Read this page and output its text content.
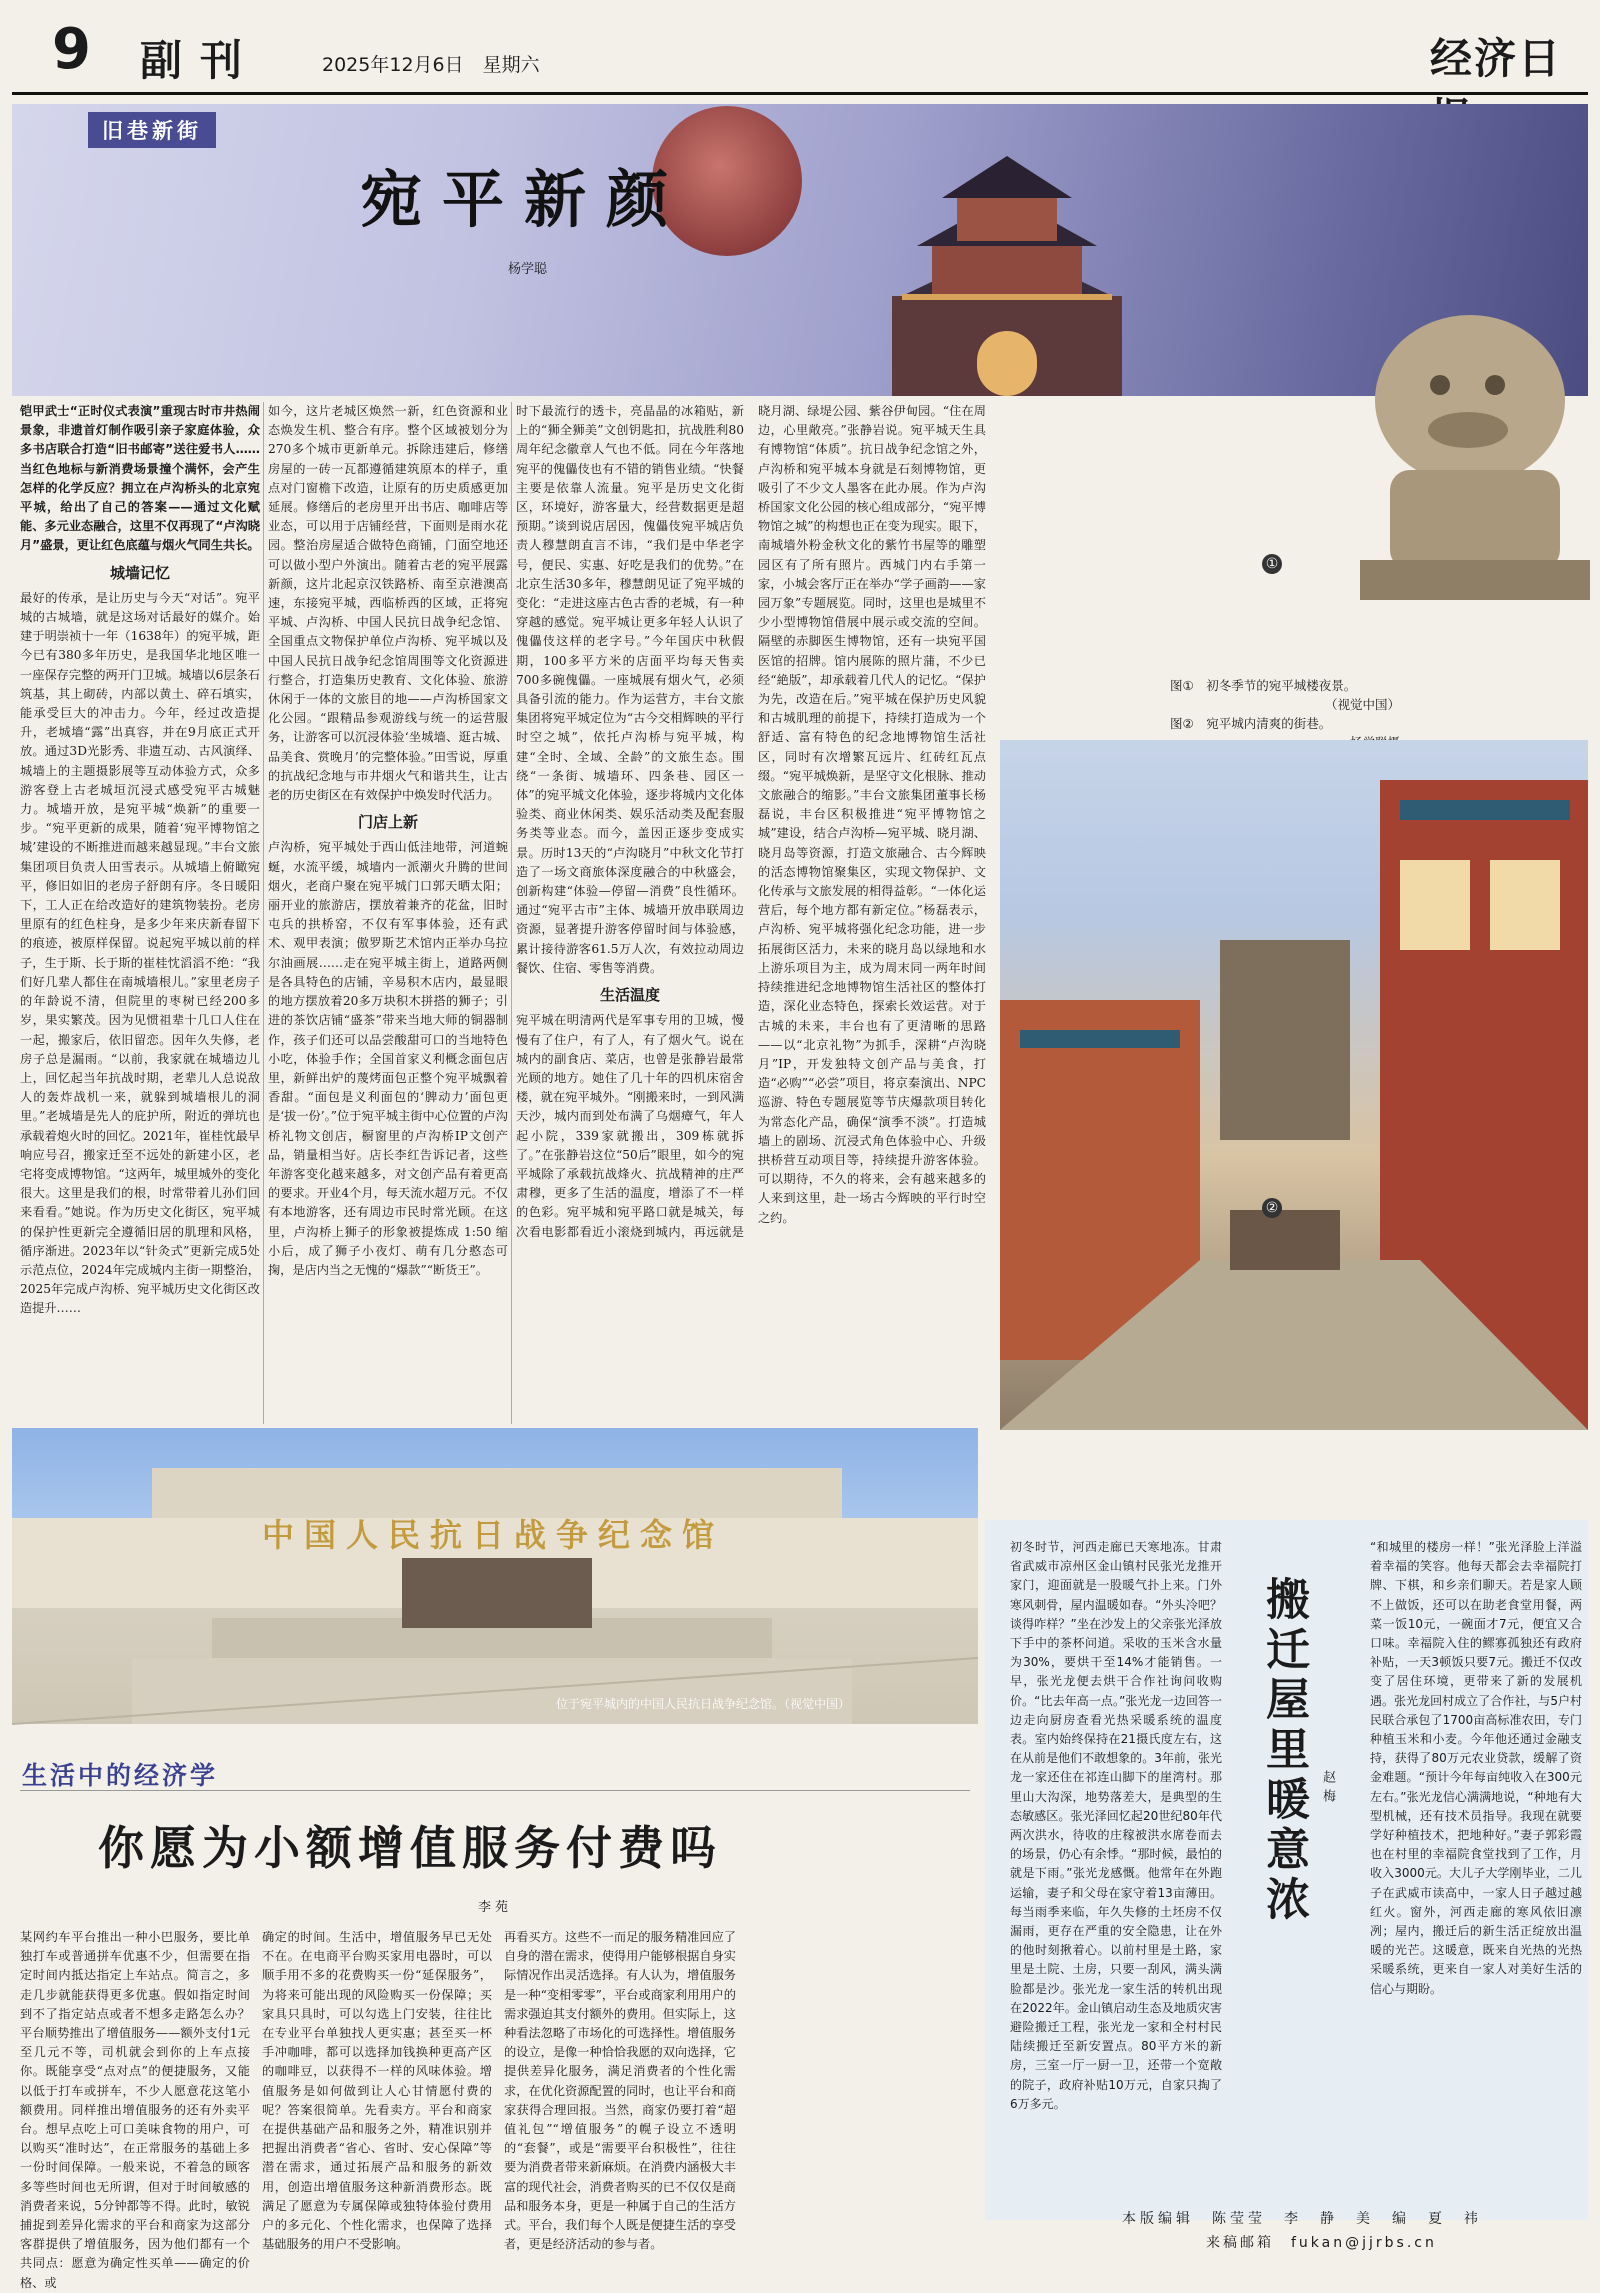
9 副刊	2025年12月6日　星期六	经济日
旧巷新街
宛平新颜
杨学聪
①
铠甲武士“正时仪式表演”重现古时市井热闹景象，非遗首灯制作吸引亲子家庭体验，众多书店联合打造“旧书邮寄”送往爱书人……当红色地标与新消费场景撞个满怀，会产生怎样的化学反应？拥立在卢沟桥头的北京宛平城，给出了自己的答案——通过文化赋能、多元业态融合，这里不仅再现了“卢沟晓月”盛景，更让红色底蕴与烟火气同生共长。
城墙记忆
最好的传承，是让历史与今天“对话”。宛平城的古城墙，就是这场对话最好的媒介。始建于明崇祯十一年（1638年）的宛平城，距今已有380多年历史，是我国华北地区唯一一座保存完整的两开门卫城。城墙以6层条石筑基，其上砌砖，内部以黄土、碎石填实，能承受巨大的冲击力。今年，经过改造提升，老城墙“露”出真容，并在9月底正式开放。通过3D光影秀、非遗互动、古风演绎、城墙上的主题摄影展等互动体验方式，众多游客登上古老城垣沉浸式感受宛平古城魅力。城墙开放，是宛平城“焕新”的重要一步。“宛平更新的成果，随着‘宛平博物馆之城’建设的不断推进而越来越显现。”丰台文旅集团项目负责人田雪表示。从城墙上俯瞰宛平，修旧如旧的老房子舒朗有序。冬日暖阳下，工人正在给改造好的建筑物装扮。老房里原有的红色柱身，是多少年来庆新春留下的痕迹，被原样保留。说起宛平城以前的样子，生于斯、长于斯的崔桂忱滔滔不绝：“我们好几辈人都住在南城墙根儿。”家里老房子的年龄说不清，但院里的枣树已经200多岁，果实繁茂。因为见惯祖辈十几口人住在一起，搬家后，依旧留恋。因年久失修，老房子总是漏雨。“以前，我家就在城墙边儿上，回忆起当年抗战时期，老辈儿人总说敌人的轰炸战机一来，就躲到城墙根儿的洞里。”老城墙是先人的庇护所，附近的弹坑也承载着炮火时的回忆。2021年，崔桂忱最早响应号召，搬家迁至不远处的新建小区，老宅将变成博物馆。“这两年，城里城外的变化很大。这里是我们的根，时常带着儿孙们回来看看。”她说。作为历史文化街区，宛平城的保护性更新完全遵循旧居的肌理和风格，循序渐进。2023年以“针灸式”更新完成5处示范点位，2024年完成城内主街一期整治，2025年完成卢沟桥、宛平城历史文化街区改造提升……
如今，这片老城区焕然一新，红色资源和业态焕发生机、整合有序。整个区域被划分为270多个城市更新单元。拆除违建后，修缮房屋的一砖一瓦都遵循建筑原本的样子，重点对门窗檐下改造，让原有的历史质感更加延展。修缮后的老房里开出书店、咖啡店等业态，可以用于店铺经营，下面则是雨水花园。整治房屋适合做特色商铺，门面空地还可以做小型户外演出。随着古老的宛平展露新颜，这片北起京汉铁路桥、南至京港澳高速，东接宛平城，西临桥西的区域，正将宛平城、卢沟桥、中国人民抗日战争纪念馆、全国重点文物保护单位卢沟桥、宛平城以及中国人民抗日战争纪念馆周围等文化资源进行整合，打造集历史教育、文化体验、旅游休闲于一体的文旅目的地——卢沟桥国家文化公园。“跟精品参观游线与统一的运营服务，让游客可以沉浸体验‘坐城墙、逛古城、品美食、赏晚月’的完整体验。”田雪说，厚重的抗战纪念地与市井烟火气和谐共生，让古老的历史街区在有效保护中焕发时代活力。
门店上新
卢沟桥，宛平城处于西山低洼地带，河道蜿蜒，水流平缓，城墙内一派潮火升腾的世间烟火，老商户聚在宛平城门口郭天晒太阳；丽开业的旅游店，摆放着兼齐的花盆，旧时屯兵的拱桥窑，不仅有军事体验，还有武术、观甲表演；傲罗斯艺术馆内正举办乌拉尔油画展……走在宛平城主街上，道路两侧是各具特色的店铺，辛易积木店内，最显眼的地方摆放着20多万块积木拼搭的狮子；引进的茶饮店铺“盛茶”带来当地大师的铜器制作，孩子们还可以品尝酸甜可口的当地特色小吃，体验手作；全国首家义利概念面包店里，新鲜出炉的蔑烤面包正整个宛平城飘着香甜。“面包是义利面包的‘脾动力’面包更是‘拔一份’。”位于宛平城主街中心位置的卢沟桥礼物文创店，橱窗里的卢沟桥IP文创产品，销量相当好。店长李红告诉记者，这些年游客变化越来越多，对文创产品有着更高的要求。开业4个月，每天流水超万元。不仅有本地游客，还有周边市民时常光顾。在这里，卢沟桥上狮子的形象被提炼成 1:50 缩小后，成了狮子小夜灯、萌有几分憨态可掬，是店内当之无愧的“爆款”“断货王”。
时下最流行的透卡，亮晶晶的冰箱贴，新上的“狮全狮美”文创钥匙扣，抗战胜利80周年纪念徽章人气也不低。同在今年落地宛平的傀儡伎也有不错的销售业绩。“快餐主要是依靠人流量。宛平是历史文化街区，环境好，游客量大，经营数据更是超预期。”谈到说店居因，傀儡伎宛平城店负责人穆慧朗直言不讳，“我们是中华老字号，便民、实惠、好吃是我们的优势。”在北京生活30多年，穆慧朗见证了宛平城的变化：“走进这座古色古香的老城，有一种穿越的感觉。宛平城让更多年轻人认识了傀儡伎这样的老字号。”今年国庆中秋假期，100多平方米的店面平均每天售卖700多碗傀儡。一座城展有烟火气，必须具备引流的能力。作为运营方，丰台文旅集团将宛平城定位为“古今交相辉映的平行时空之城”，依托卢沟桥与宛平城，构建“全时、全域、全龄”的文旅生态。围绕“一条街、城墙环、四条巷、园区一体”的宛平城文化体验，逐步将城内文化体验类、商业休闲类、娱乐活动类及配套服务类等业态。而今，盖因正逐步变成实景。历时13天的“卢沟晓月”中秋文化节打造了一场文商旅体深度融合的中秋盛会，创新构建“体验—停留—消费”良性循环。通过“宛平古市”主体、城墙开放串联周边资源，显著提升游客停留时间与体验感，累计接待游客61.5万人次，有效拉动周边餐饮、住宿、零售等消费。
生活温度
宛平城在明清两代是军事专用的卫城，慢慢有了住户，有了人，有了烟火气。说在城内的副食店、菜店，也曾是张静岩最常光顾的地方。她住了几十年的四机床宿舍楼，就在宛平城外。“刚搬来时，一到风满天沙，城内而到处布满了乌烟瘴气，年人起小院，339家就搬出，309栋就拆了。”在张静岩这位“50后”眼里，如今的宛平城除了承载抗战烽火、抗战精神的庄严肃穆，更多了生活的温度，增添了不一样的色彩。宛平城和宛平路口就是城关，每次看电影都看近小滚烧到城内，再远就是晓月湖、绿堤公园、紫谷伊甸园。“住在周边，心里敞亮。”张静岩说。宛平城天生具有博物馆“体质”。抗日战争纪念馆之外，卢沟桥和宛平城本身就是石刻博物馆，更吸引了不少文人墨客在此办展。作为卢沟桥国家文化公园的核心组成部分，“宛平博物馆之城”的构想也正在变为现实。眼下，南城墙外粉金秋文化的紫竹书屋等的雕塑园区有了所有照片。西城门内右手第一家，小城会客厅正在举办“学子画韵——家园万象”专题展览。同时，这里也是城里不少小型博物馆借展中展示或交流的空间。隔壁的赤脚医生博物馆，还有一块宛平国医馆的招牌。馆内展陈的照片蒲，不少已经“絶版”，却承载着几代人的记忆。“保护为先，改造在后。”宛平城在保护历史风貌和古城肌理的前提下，持续打造成为一个舒适、富有特色的纪念地博物馆生活社区，同时有次增繁瓦远片、红砖红瓦点缀。“宛平城焕新，是坚守文化根脉、推动文旅融合的缩影。”丰台文旅集团董事长杨磊说，丰台区积极推进“宛平博物馆之城”建设，结合卢沟桥—宛平城、晓月湖、晓月岛等资源，打造文旅融合、古今辉映的活态博物馆聚集区，实现文物保护、文化传承与文旅发展的相得益彰。“一体化运营后，每个地方都有新定位。”杨磊表示，卢沟桥、宛平城将强化纪念功能，进一步拓展街区活力，未来的晓月岛以绿地和水上游乐项目为主，成为周末同一两年时间持续推进纪念地博物馆生活社区的整体打造，深化业态特色，探索长效运营。对于古城的未来，丰台也有了更清晰的思路——以“北京礼物”为抓手，深耕“卢沟晓月”IP，开发独特文创产品与美食，打造“必购”“必尝”项目，将京秦演出、NPC巡游、特色专题展览等节庆爆款项目转化为常态化产品，确保“演季不淡”。打造城墙上的剧场、沉浸式角色体验中心、升级拱桥营互动项目等，持续提升游客体验。可以期待，不久的将来，会有越来越多的人来到这里，赴一场古今辉映的平行时空之约。
图①　初冬季节的宛平城楼夜景。
（视觉中国）
图②　宛平城内清爽的街巷。
②
中国人民抗日战争纪念馆
位于宛平城内的中国人民抗日战争纪念馆。（视觉中国）	搬迁屋里暖意浓 赵梅
初冬时节，河西走廊已天寒地冻。甘肃省武威市凉州区金山镇村民张光龙推开家门，迎面就是一股暖气扑上来。门外寒风刺骨，屋内温暖如春。“外头冷吧？谈得咋样？”坐在沙发上的父亲张光泽放下手中的茶杯问道。采收的玉米含水量为30%，要烘干至14%才能销售。一早，张光龙便去烘干合作社询问收购价。“比去年高一点。”张光龙一边回答一边走向厨房查看光热采暖系统的温度表。室内始终保持在21摄氏度左右，这在从前是他们不敢想象的。3年前，张光龙一家还住在祁连山脚下的崖湾村。那里山大沟深，地势落差大，是典型的生态敏感区。张光泽回忆起20世纪80年代两次洪水，待收的庄稼被洪水席卷而去的场景，仍心有余悸。“那时候，最怕的就是下雨。”张光龙感慨。他常年在外跑运输，妻子和父母在家守着13亩薄田。每当雨季来临，年久失修的土坯房不仅漏雨，更存在严重的安全隐患，让在外的他时刻揪着心。以前村里是土路，家里是土院、土房，只要一刮风，满头满脸都是沙。张光龙一家生活的转机出现在2022年。金山镇启动生态及地质灾害避险搬迁工程，张光龙一家和全村村民陆续搬迁至新安置点。80平方米的新房，三室一厅一厨一卫，还带一个宽敞的院子，政府补贴10万元，自家只掏了6万多元。
“和城里的楼房一样！”张光泽脸上洋溢着幸福的笑容。他每天都会去幸福院打牌、下棋，和乡亲们聊天。若是家人顾不上做饭，还可以在助老食堂用餐，两菜一饭10元，一碗面才7元，便宜又合口味。幸福院入住的鳏寡孤独还有政府补贴，一天3顿饭只要7元。搬迁不仅改变了居住环境，更带来了新的发展机遇。张光龙回村成立了合作社，与5户村民联合承包了1700亩高标准农田，专门种植玉米和小麦。今年他还通过金融支持，获得了80万元农业贷款，缓解了资金难题。“预计今年每亩纯收入在300元左右。”张光龙信心满满地说，“种地有大型机械，还有技术员指导。我现在就要学好种植技术，把地种好。”妻子郭彩霞也在村里的幸福院食堂找到了工作，月收入3000元。大儿子大学刚毕业，二儿子在武威市读高中，一家人日子越过越红火。窗外，河西走廊的寒风依旧凛冽；屋内，搬迁后的新生活正绽放出温暖的光芒。这暖意，既来自光热的光热采暖系统，更来自一家人对美好生活的信心与期盼。
生活中的经济学
你愿为小额增值服务付费吗
李苑
某网约车平台推出一种小巴服务，要比单独打车或普通拼车优惠不少，但需要在指定时间内抵达指定上车站点。简言之，多走几步就能获得更多优惠。假如指定时间到不了指定站点或者不想多走路怎么办？平台顺势推出了增值服务——额外支付1元至几元不等，司机就会到你的上车点接你。既能享受“点对点”的便捷服务，又能以低于打车或拼车，不少人愿意花这笔小额费用。同样推出增值服务的还有外卖平台。想早点吃上可口美味食物的用户，可以购买“准时达”，在正常服务的基础上多一份时间保障。一般来说，不着急的顾客多等些时间也无所谓，但对于时间敏感的消费者来说，5分钟都等不得。此时，敏锐捕捉到差异化需求的平台和商家为这部分客群提供了增值服务，因为他们都有一个共同点：愿意为确定性买单——确定的价格、或
确定的时间。生活中，增值服务早已无处不在。在电商平台购买家用电器时，可以顺手用不多的花费购买一份“延保服务”，为将来可能出现的风险购买一份保障；买家具只具时，可以勾选上门安装，往往比在专业平台单独找人更实惠；甚至买一杯手冲咖啡，都可以选择加钱换种更高产区的咖啡豆，以获得不一样的风味体验。增值服务是如何做到让人心甘情愿付费的呢？答案很简单。先看卖方。平台和商家在提供基础产品和服务之外，精准识别并把握出消费者“省心、省时、安心保障”等潜在需求，通过拓展产品和服务的新效用，创造出增值服务这种新消费形态。既满足了愿意为专属保障或独特体验付费用户的多元化、个性化需求，也保障了选择基础服务的用户不受影响。
再看买方。这些不一而足的服务精准回应了自身的潜在需求，使得用户能够根据自身实际情况作出灵活选择。有人认为，增值服务是一种“变相零零”，平台或商家利用用户的需求强迫其支付额外的费用。但实际上，这种看法忽略了市场化的可选择性。增值服务的设立，是像一种恰恰我愿的双向选择，它提供差异化服务，满足消费者的个性化需求，在优化资源配置的同时，也让平台和商家获得合理回报。当然，商家仍要打着“超值礼包”“增值服务”的幌子设立不透明的“套餐”，或是“需要平台积极性”，往往要为消费者带来新麻烦。在消费内涵极大丰富的现代社会，消费者购买的已不仅仅是商品和服务本身，更是一种属于自己的生活方式。平台，我们每个人既是便捷生活的享受者，更是经济活动的参与者。
本版编辑　陈莹莹　李　静　美　编　夏　祎
来稿邮箱　fukan@jjrbs.cn
